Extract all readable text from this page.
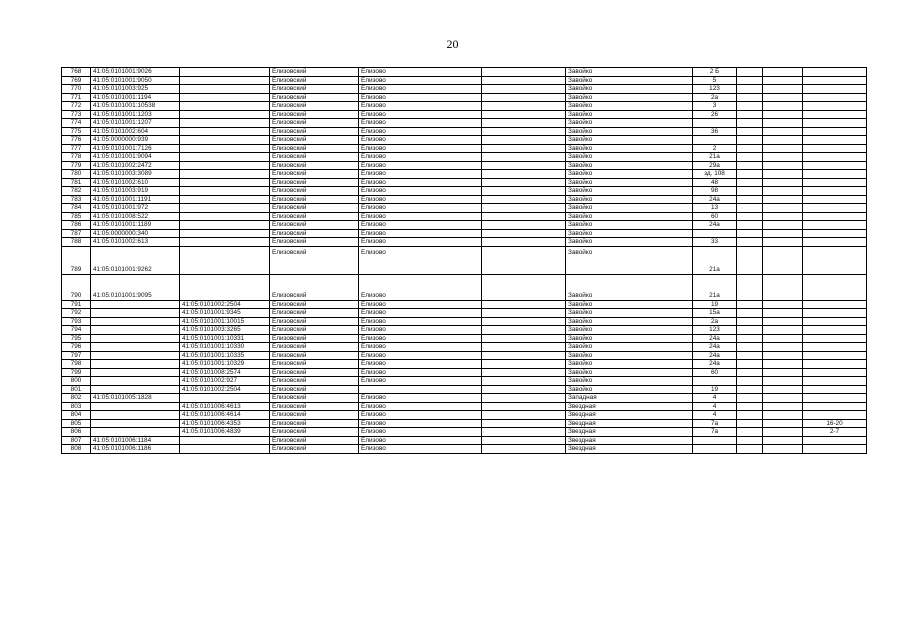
20
768	41:05:0101001:9026		Елизовский	Елизово		Завойко	2 Б			
769	41:05:0101001:9050		Елизовский	Елизово		Завойко	5			
770	41:05:0101003:925		Елизовский	Елизово		Завойко	123			
771	41:05:0101001:1194		Елизовский	Елизово		Завойко	2а			
772	41:05:0101001:10538		Елизовский	Елизово		Завойко	3			
773	41:05:0101001:1203		Елизовский	Елизово		Завойко	26			
774	41:05:0101001:1207		Елизовский	Елизово		Завойко				
775	41:05:0101002:604		Елизовский	Елизово		Завойко	36			
776	41:05:0000000:939		Елизовский	Елизово		Завойко				
777	41:05:0101001:7126		Елизовский	Елизово		Завойко	2			
778	41:05:0101001:9094		Елизовский	Елизово		Завойко	21а			
779	41:05:0101002:2472		Елизовский	Елизово		Завойко	29а			
780	41:05:0101003:3089		Елизовский	Елизово		Завойко	зд. 108			
781	41:05:0101002:610		Елизовский	Елизово		Завойко	48			
782	41:05:0101003:919		Елизовский	Елизово		Завойко	98			
783	41:05:0101001:1191		Елизовский	Елизово		Завойко	24а			
784	41:05:0101001:972		Елизовский	Елизово		Завойко	13			
785	41:05:0101008:522		Елизовский	Елизово		Завойко	60			
786	41:05:0101001:1189		Елизовский	Елизово		Завойко	24а			
787	41:05:0000000:340		Елизовский	Елизово		Завойко				
788	41:05:0101002:613		Елизовский	Елизово		Завойко	33			
789	41:05:0101001:9262		Елизовский	Елизово		Завойко	21а			
790	41:05:0101001:9095		Елизовский	Елизово		Завойко	21а			
791		41:05:0101002:2504	Елизовский	Елизово		Завойко	19			
792		41:05:0101001:9345	Елизовский	Елизово		Завойко	15а			
793		41:05:0101001:10015	Елизовский	Елизово		Завойко	2а			
794		41:05:0101003:3265	Елизовский	Елизово		Завойко	123			
795		41:05:0101001:10331	Елизовский	Елизово		Завойко	24а			
796		41:05:0101001:10330	Елизовский	Елизово		Завойко	24а			
797		41:05:0101001:10335	Елизовский	Елизово		Завойко	24а			
798		41:05:0101001:10329	Елизовский	Елизово		Завойко	24а			
799		41:05:0101008:2574	Елизовский	Елизово		Завойко	60			
800		41:05:0101002:927	Елизовский	Елизово		Завойко				
801		41:05:0101002:2504	Елизовский			Завойко	19			
802	41:05:0101005:1828		Елизовский	Елизово		Западная	4			
803		41:05:0101006:4613	Елизовский	Елизово		Звездная	4			
804		41:05:0101006:4614	Елизовский	Елизово		Звездная	4			
805		41:05:0101006:4353	Елизовский	Елизово		Звездная	7а			16-20
806		41:05:0101006:4839	Елизовский	Елизово		Звездная	7а			2-7
807	41:05:0101006:1184		Елизовский	Елизово		Звездная				
808	41:05:0101006:1186		Елизовский	Елизово		Звездная				
